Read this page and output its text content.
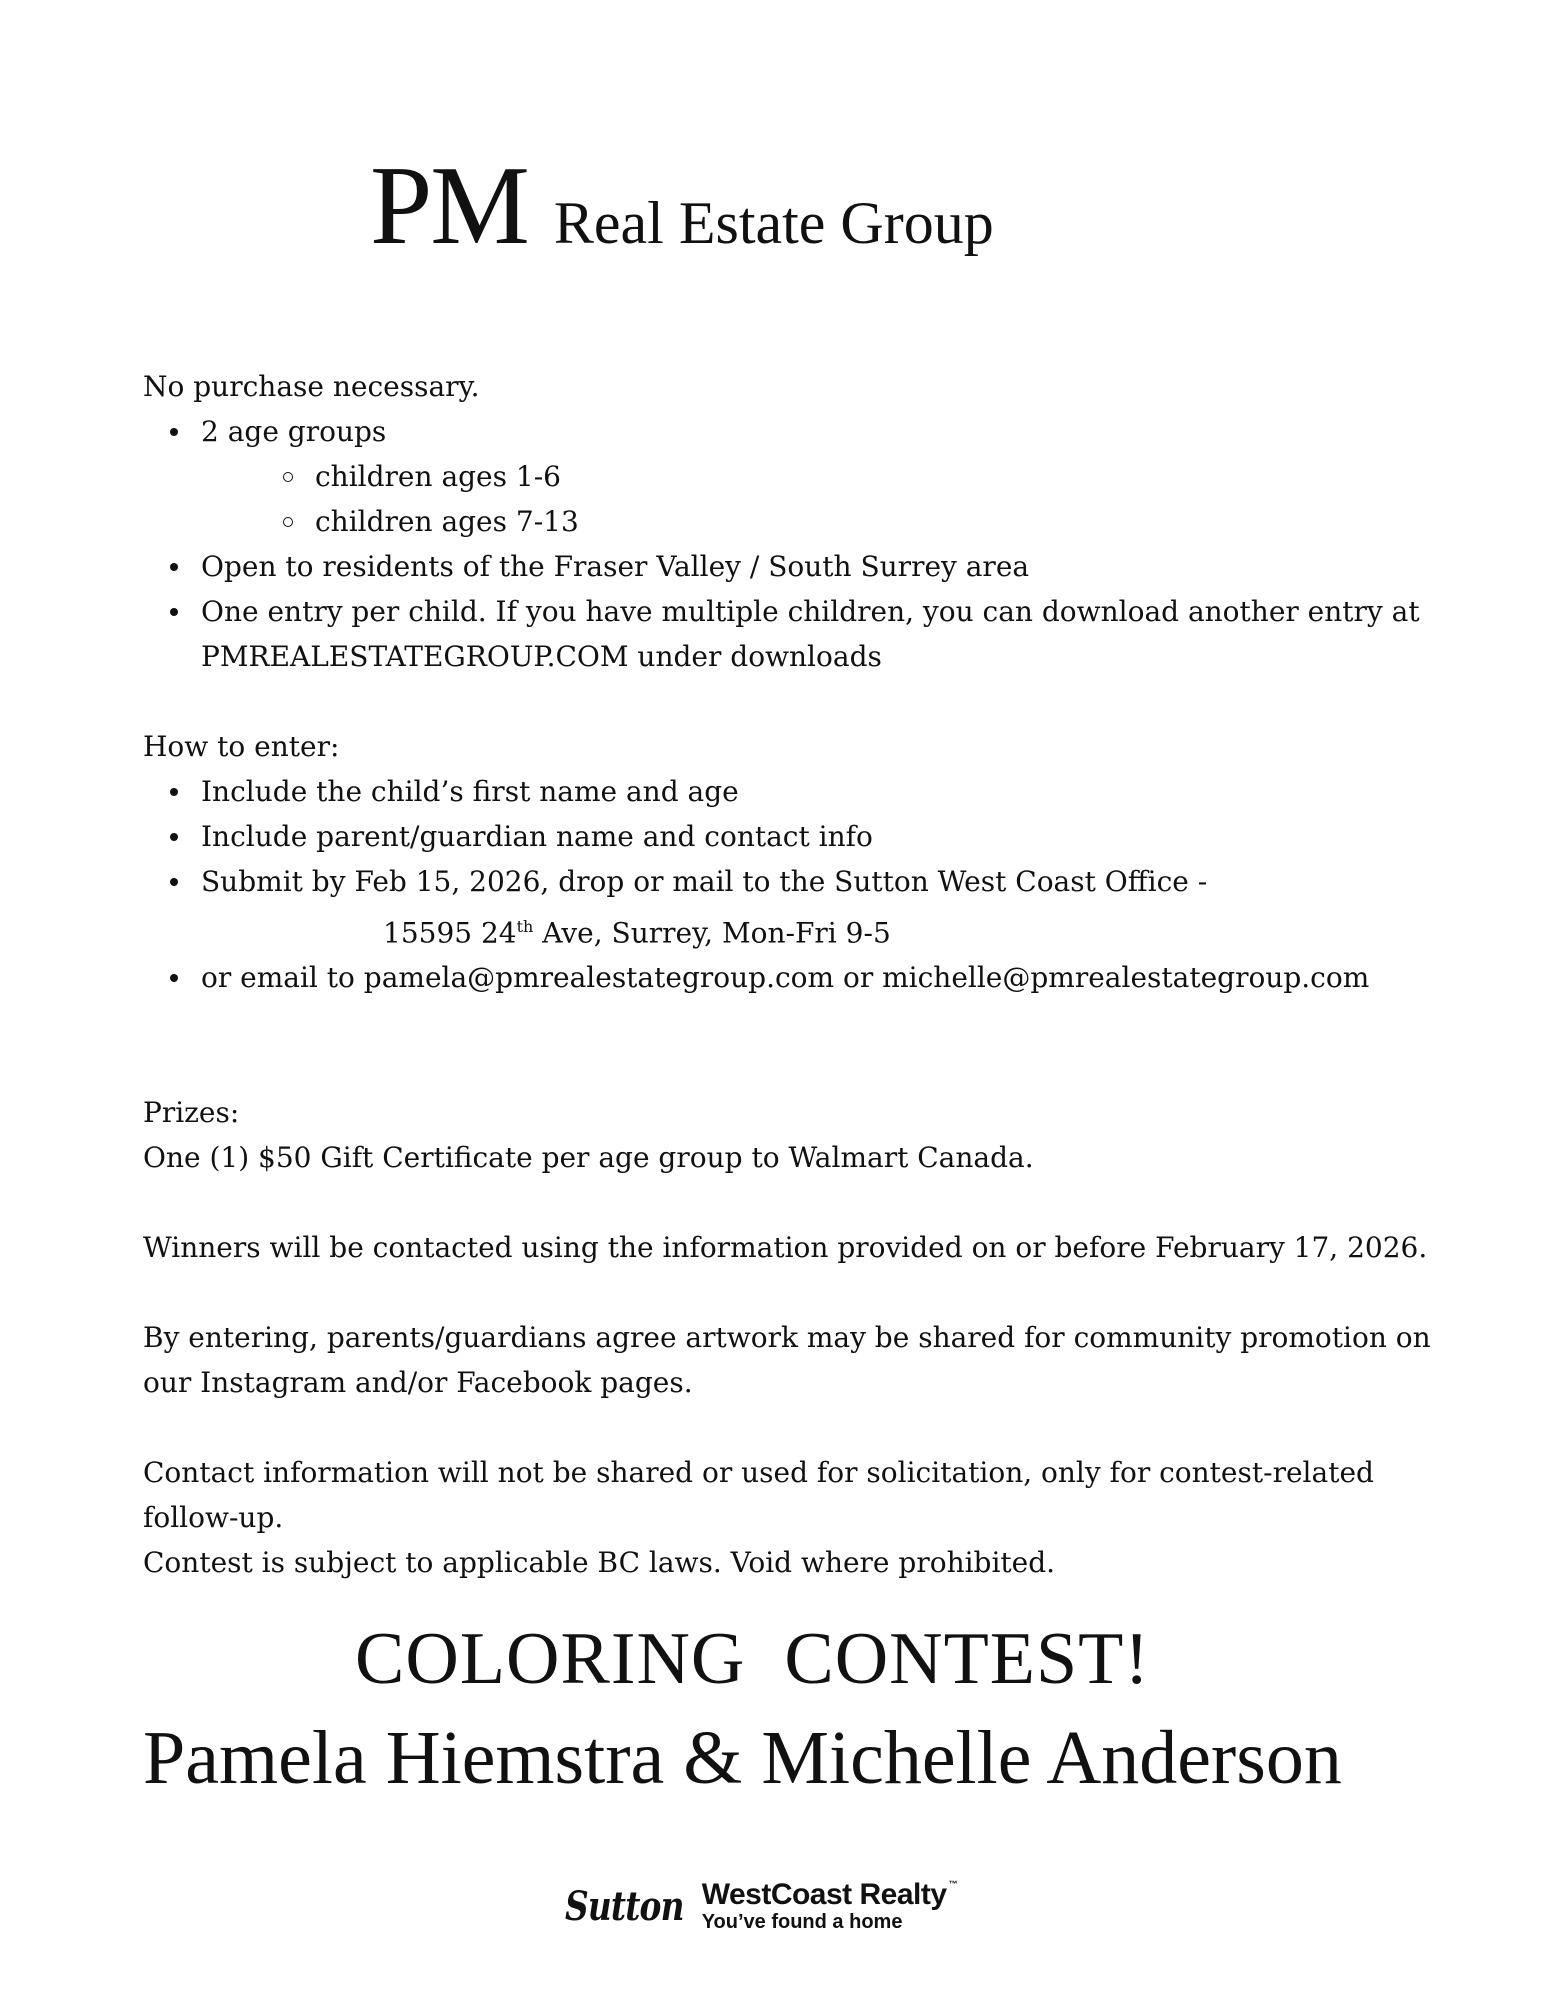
PM Real Estate Group

No purchase necessary.

2 age groups
children ages 1-6
children ages 7-13
Open to residents of the Fraser Valley / South Surrey area
One entry per child. If you have multiple children, you can download another entry at
PMREALESTATEGROUP.COM under downloads

How to enter:

Include the child’s first name and age
Include parent/guardian name and contact info
Submit by Feb 15, 2026, drop or mail to the Sutton West Coast Office -
15595 24th Ave, Surrey, Mon-Fri 9-5
or email to pamela@pmrealestategroup.com or michelle@pmrealestategroup.com

Prizes:

One (1) $50 Gift Certificate per age group to Walmart Canada.

Winners will be contacted using the information provided on or before February 17, 2026.

By entering, parents/guardians agree artwork may be shared for community promotion on

our Instagram and/or Facebook pages.

Contact information will not be shared or used for solicitation, only for contest-related

follow-up.

Contest is subject to applicable BC laws. Void where prohibited.

COLORING  CONTEST!
Pamela Hiemstra & Michelle Anderson
Sutton WestCoast Realty ™
You’ve found a home
